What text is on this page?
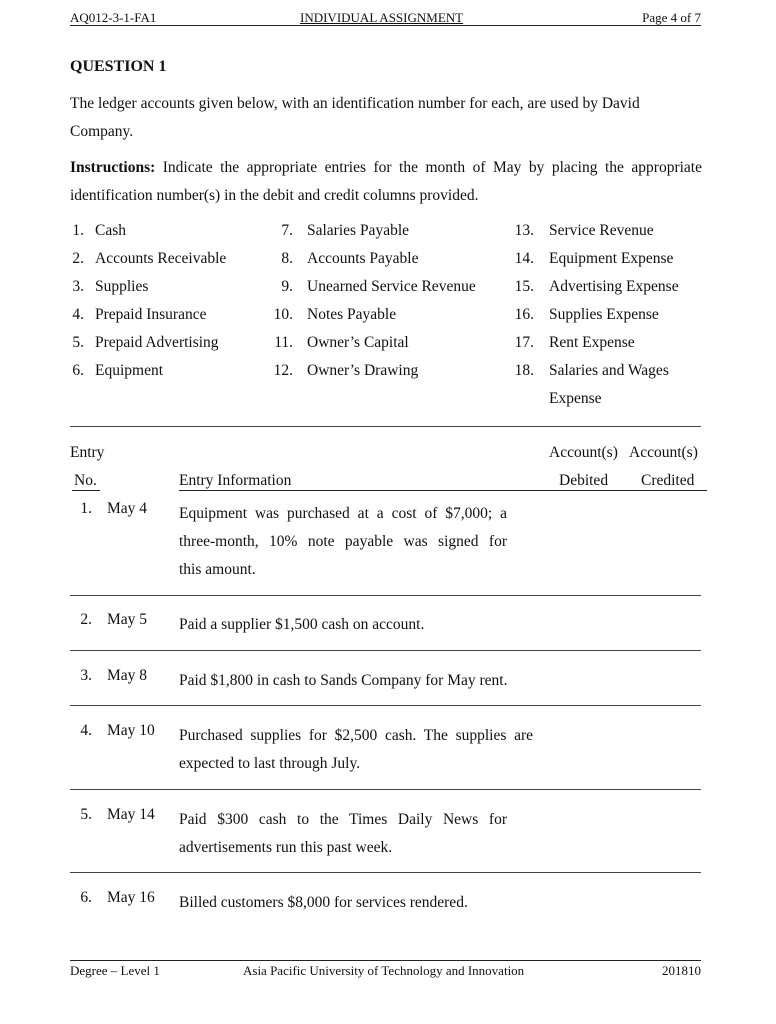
AQ012-3-1-FA1	INDIVIDUAL ASSIGNMENT	Page 4 of 7
QUESTION 1
The ledger accounts given below, with an identification number for each, are used by David Company.
Instructions: Indicate the appropriate entries for the month of May by placing the appropriate identification number(s) in the debit and credit columns provided.
1. Cash
2. Accounts Receivable
3. Supplies
4. Prepaid Insurance
5. Prepaid Advertising
6. Equipment
7. Salaries Payable
8. Accounts Payable
9. Unearned Service Revenue
10. Notes Payable
11. Owner’s Capital
12. Owner’s Drawing
13. Service Revenue
14. Equipment Expense
15. Advertising Expense
16. Supplies Expense
17. Rent Expense
18. Salaries and Wages
Expense
Entry
No.	Entry Information
Account(s)
Debited
Account(s)
Credited
1. May 4 Equipment was purchased at a cost of $7,000; a
three-month, 10% note payable was signed for
this amount.
2. May 5 Paid a supplier $1,500 cash on account.
3. May 8 Paid $1,800 in cash to Sands Company for May rent.
4. May 10 Purchased supplies for $2,500 cash. The supplies are
expected to last through July.
5. May 14 Paid $300 cash to the Times Daily News for
advertisements run this past week.
6. May 16 Billed customers $8,000 for services rendered.
Degree – Level 1	Asia Pacific University of Technology and Innovation	201810
